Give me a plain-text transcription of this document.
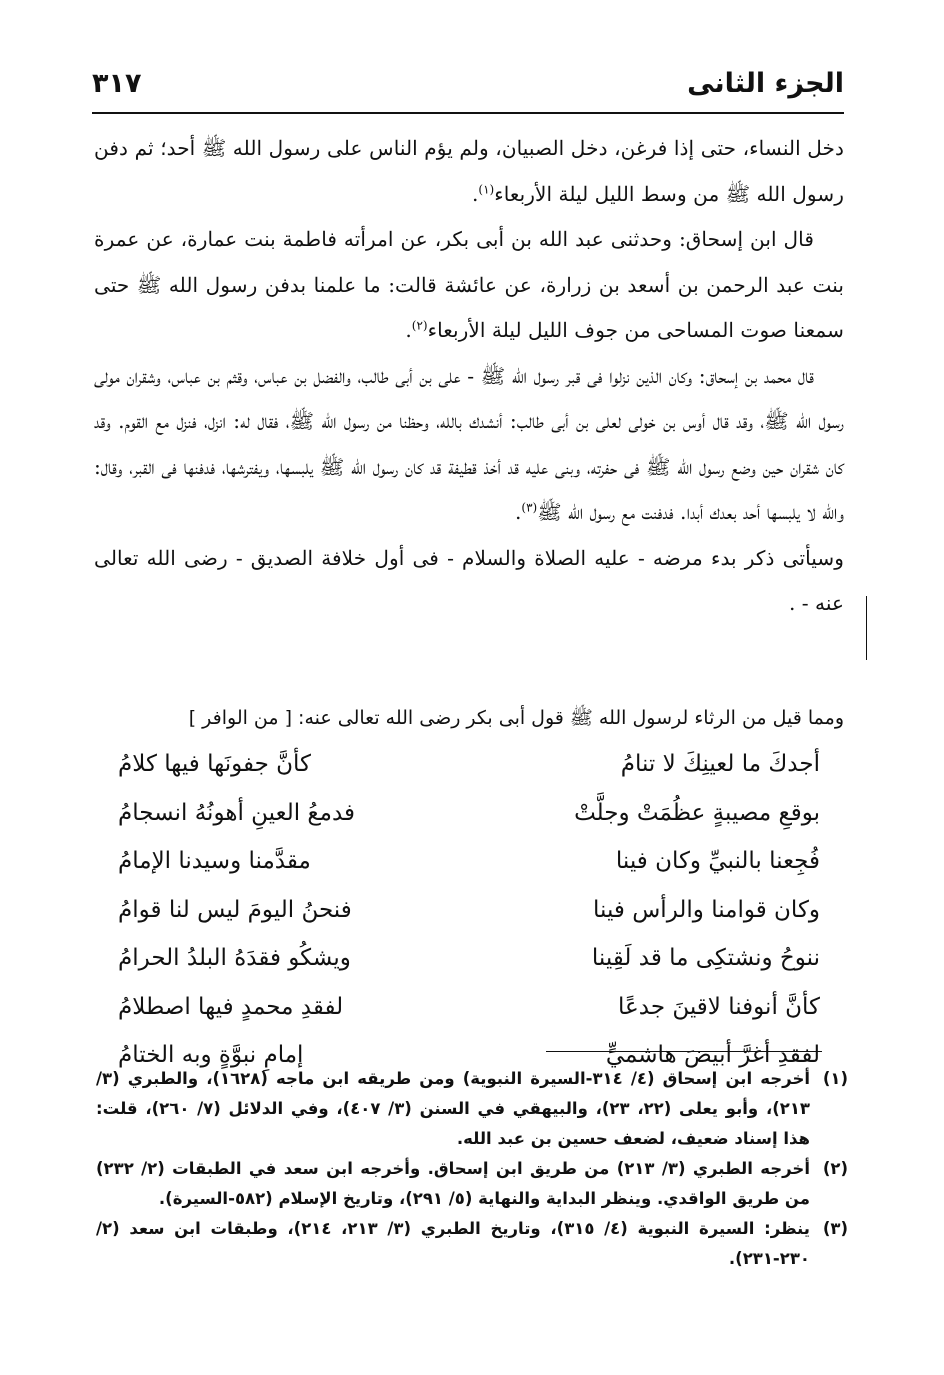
الجزء الثانى
٣١٧

دخل النساء، حتى إذا فرغن، دخل الصبيان، ولم يؤم الناس على رسول الله ﷺ أحد؛ ثم دفن رسول الله ﷺ من وسط الليل ليلة الأربعاء$^{(١)}$.

قال ابن إسحاق: وحدثنى عبد الله بن أبى بكر، عن امرأته فاطمة بنت عمارة، عن عمرة بنت عبد الرحمن بن أسعد بن زرارة، عن عائشة قالت: ما علمنا بدفن رسول الله ﷺ حتى سمعنا صوت المساحى من جوف الليل ليلة الأربعاء$^{(٢)}$.

قال محمد بن إسحاق: وكان الذين نزلوا فى قبر رسول الله ﷺ - على بن أبى طالب، والفضل بن عباس، وقثم بن عباس، وشقران مولى رسول الله ﷺ، وقد قال أوس بن خولى لعلى بن أبى طالب: أنشدك بالله، وحظنا من رسول الله ﷺ، فقال له: انزل، فنزل مع القوم. وقد كان شقران حين وضع رسول الله ﷺ فى حفرته، وبنى عليه قد أخذ قطيفة قد كان رسول الله ﷺ يلبسها، ويفترشها، فدفنها فى القبر، وقال: والله لا يلبسها أحد بعدك أبدا. فدفنت مع رسول الله ﷺ$^{(٣)}$.

وسيأتى ذكر بدء مرضه - عليه الصلاة والسلام - فى أول خلافة الصديق - رضى الله تعالى عنه - .

ومما قيل من الرثاء لرسول الله ﷺ قول أبى بكر رضى الله تعالى عنه: [ من الوافر ]
أجدكَ ما لعينِكَ لا تنامُ
كأنَّ جفونَها فيها كلامُ
بوقعِ مصيبةٍ عظُمَتْ وجلَّتْ
فدمعُ العينِ أهونُهُ انسجامُ
فُجِعنا بالنبيِّ وكان فينا
مقدَّمنا وسيدنا الإمامُ
وكان قوامنا والرأس فينا
فنحنُ اليومَ ليس لنا قوامُ
ننوحُ ونشتكِى ما قد لَقِينا
ويشكُو فقدَهُ البلدُ الحرامُ
كأنَّ أنوفنا لاقينَ جدعًا
لفقدِ محمدٍ فيها اصطلامُ
لفقدِ أغرَّ أبيضَ هاشميٍّ
إمامِ نبوَّةٍ وبه الختامُ
(١)
أخرجه ابن إسحاق (٤/ ٣١٤-السيرة النبوية) ومن طريقه ابن ماجه (١٦٢٨)، والطبري (٣/ ٢١٣)، وأبو يعلى (٢٢، ٢٣)، والبيهقي في السنن (٣/ ٤٠٧)، وفي الدلائل (٧/ ٢٦٠)، قلت: هذا إسناد ضعيف، لضعف حسين بن عبد الله.
(٢)
أخرجه الطبري (٣/ ٢١٣) من طريق ابن إسحاق. وأخرجه ابن سعد في الطبقات (٢/ ٢٣٢) من طريق الواقدي. وينظر البداية والنهاية (٥/ ٢٩١)، وتاريخ الإسلام (٥٨٢-السيرة).
(٣)
ينظر: السيرة النبوية (٤/ ٣١٥)، وتاريخ الطبري (٣/ ٢١٣، ٢١٤)، وطبقات ابن سعد (٢/ ٢٣٠-٢٣١).
